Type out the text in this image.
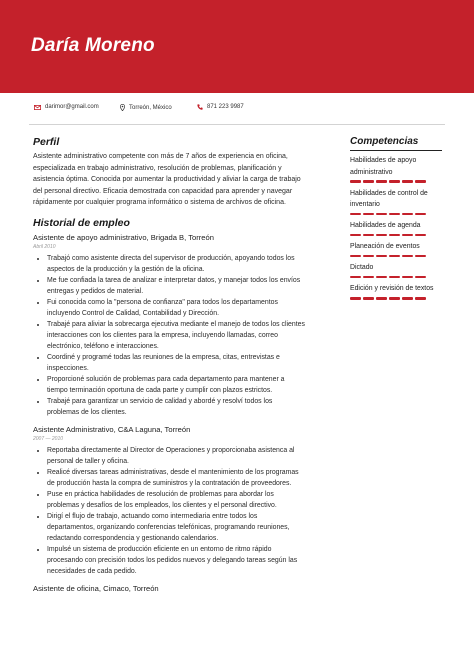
Daría Moreno
darimor@gmail.com	Torreón, México	871 223 9987
Perfil
Asistente administrativo competente con más de 7 años de experiencia en oficina, especializada en trabajo administrativo, resolución de problemas, planificación y asistencia óptima. Conocida por aumentar la productividad y aliviar la carga de trabajo del personal directivo. Eficacia demostrada con capacidad para aprender y navegar rápidamente por cualquier programa informático o sistema de archivos de oficina.
Historial de empleo
Asistente de apoyo administrativo, Brigada B, Torreón
Abril 2010
• Trabajó como asistente directa del supervisor de producción, apoyando todos los aspectos de la producción y la gestión de la oficina.
• Me fue confiada la tarea de analizar e interpretar datos, y manejar todos los envíos entregas y pedidos de material.
• Fui conocida como la "persona de confianza" para todos los departamentos incluyendo Control de Calidad, Contabilidad y Dirección.
• Trabajé para aliviar la sobrecarga ejecutiva mediante el manejo de todos los clientes interacciones con los clientes para la empresa, incluyendo llamadas, correo electrónico, teléfono e interacciones.
• Coordiné y programé todas las reuniones de la empresa, citas, entrevistas e inspecciones.
• Proporcioné solución de problemas para cada departamento para mantener a tiempo terminación oportuna de cada parte y cumplir con plazos estrictos.
• Trabajé para garantizar un servicio de calidad y abordé y resolví todos los problemas de los clientes.
Asistente Administrativo, C&A Laguna, Torreón
2007 — 2010
• Reportaba directamente al Director de Operaciones y proporcionaba asistenca al personal de taller y oficina.
• Realicé diversas tareas administrativas, desde el mantenimiento de los programas de producción hasta la compra de suministros y la contratación de proveedores.
• Puse en práctica habilidades de resolución de problemas para abordar los problemas y desafíos de los empleados, los clientes y el personal directivo.
• Dirigí el flujo de trabajo, actuando como intermediaria entre todos los departamentos, organizando conferencias telefónicas, programando reuniones, redactando correspondencia y gestionando calendarios.
• Impulsé un sistema de producción eficiente en un entorno de ritmo rápido procesando con precisión todos los pedidos nuevos y delegando tareas según las necesidades de cada pedido.
Asistente de oficina, Cimaco, Torreón
Competencias
Habilidades de apoyo administrativo
Habilidades de control de inventario
Habilidades de agenda
Planeación de eventos
Dictado
Edición y revisión de textos
